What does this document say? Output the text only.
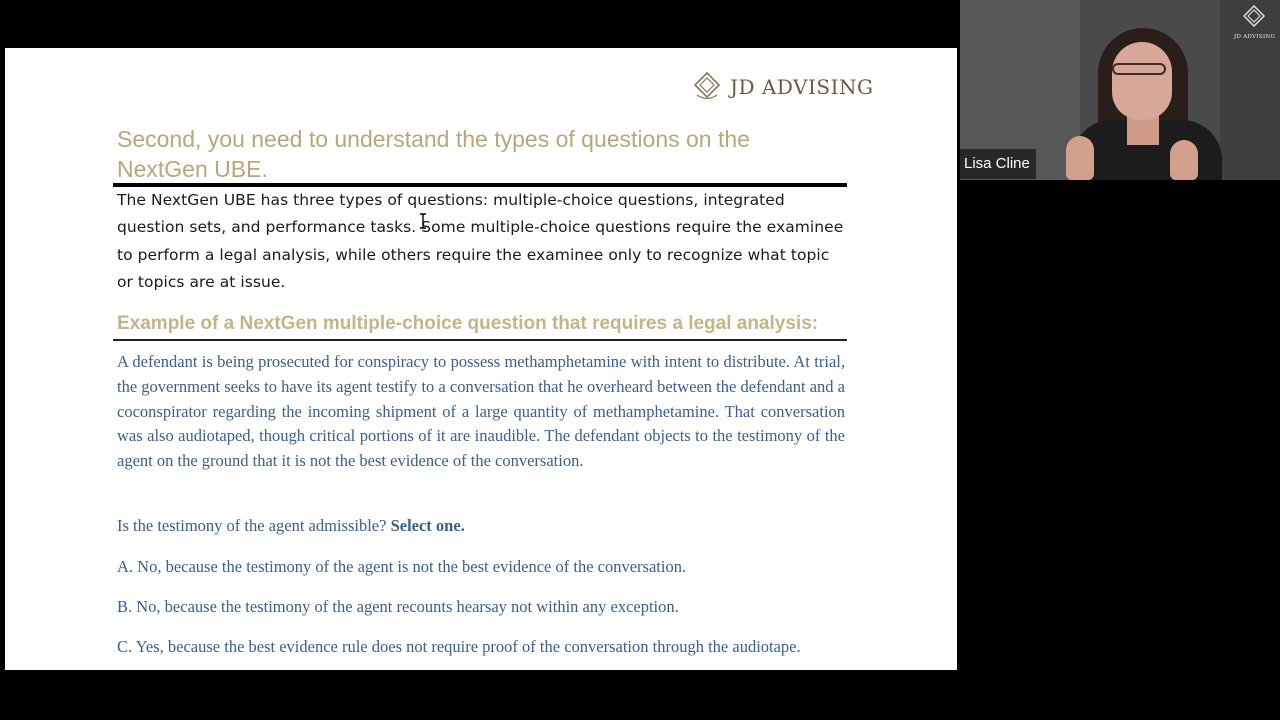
JD ADVISING
Second, you need to understand the types of questions on the NextGen UBE.

The NextGen UBE has three types of questions: multiple-choice questions, integrated question sets, and performance tasks. Some multiple-choice questions require the examinee to perform a legal analysis, while others require the examinee only to recognize what topic or topics are at issue.

Example of a NextGen multiple-choice question that requires a legal analysis:

A defendant is being prosecuted for conspiracy to possess methamphetamine with intent to distribute. At trial, the government seeks to have its agent testify to a conversation that he overheard between the defendant and a coconspirator regarding the incoming shipment of a large quantity of methamphetamine. That conversation was also audiotaped, though critical portions of it are inaudible. The defendant objects to the testimony of the agent on the ground that it is not the best evidence of the conversation.

Is the testimony of the agent admissible? Select one.

A. No, because the testimony of the agent is not the best evidence of the conversation.

B. No, because the testimony of the agent recounts hearsay not within any exception.

C. Yes, because the best evidence rule does not require proof of the conversation through the audiotape.

JD ADVISING
Lisa Cline
